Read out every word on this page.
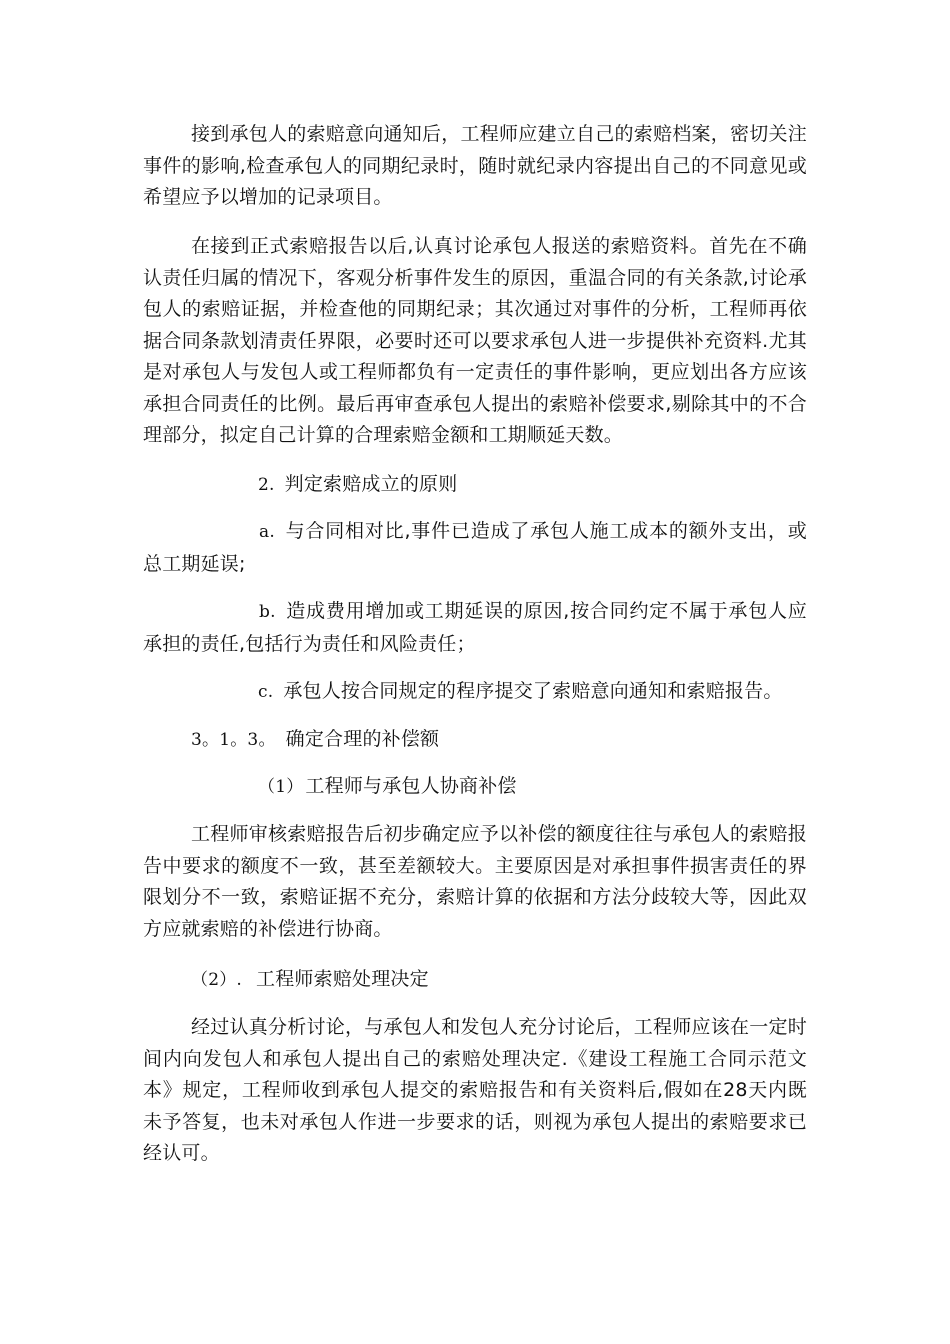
接到承包人的索赔意向通知后，工程师应建立自己的索赔档案，密切关注事件的影响,检查承包人的同期纪录时，随时就纪录内容提出自己的不同意见或希望应予以增加的记录项目。

在接到正式索赔报告以后,认真讨论承包人报送的索赔资料。首先在不确认责任归属的情况下，客观分析事件发生的原因，重温合同的有关条款,讨论承包人的索赔证据，并检查他的同期纪录；其次通过对事件的分析，工程师再依据合同条款划清责任界限，必要时还可以要求承包人进一步提供补充资料.尤其是对承包人与发包人或工程师都负有一定责任的事件影响，更应划出各方应该承担合同责任的比例。最后再审查承包人提出的索赔补偿要求,剔除其中的不合理部分，拟定自己计算的合理索赔金额和工期顺延天数。

2. 判定索赔成立的原则
a. 与合同相对比,事件已造成了承包人施工成本的额外支出，或总工期延误;
b. 造成费用增加或工期延误的原因,按合同约定不属于承包人应承担的责任,包括行为责任和风险责任；
c. 承包人按合同规定的程序提交了索赔意向通知和索赔报告。
3。1。3。 确定合理的补偿额
（1） 工程师与承包人协商补偿

工程师审核索赔报告后初步确定应予以补偿的额度往往与承包人的索赔报告中要求的额度不一致，甚至差额较大。主要原因是对承担事件损害责任的界限划分不一致，索赔证据不充分，索赔计算的依据和方法分歧较大等，因此双方应就索赔的补偿进行协商。

（2）. 工程师索赔处理决定

经过认真分析讨论，与承包人和发包人充分讨论后，工程师应该在一定时间内向发包人和承包人提出自己的索赔处理决定.《建设工程施工合同示范文本》规定，工程师收到承包人提交的索赔报告和有关资料后,假如在28天内既未予答复，也未对承包人作进一步要求的话，则视为承包人提出的索赔要求已经认可。
